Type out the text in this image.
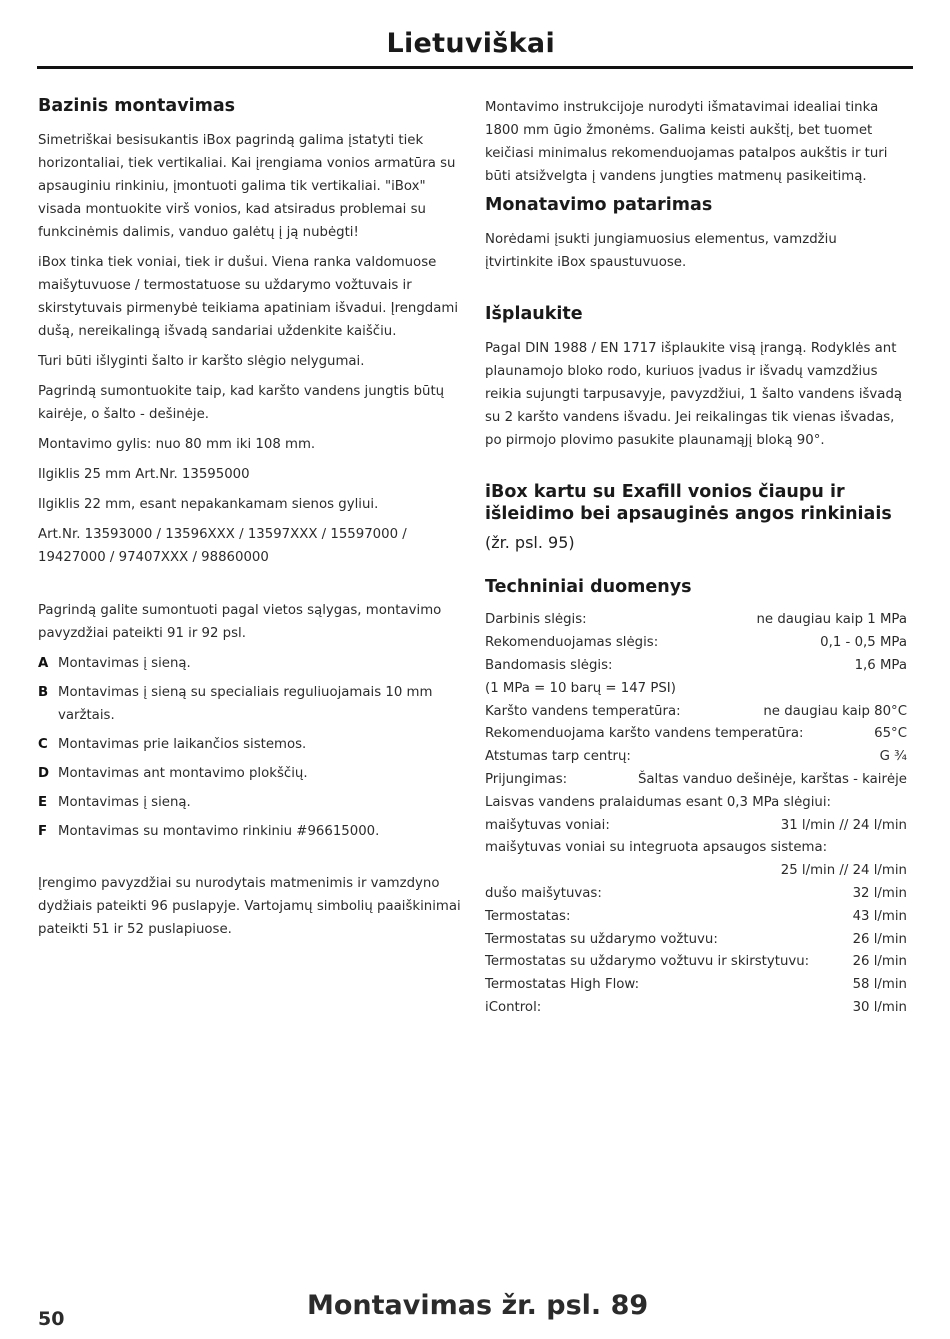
Lietuviškai
Bazinis montavimas

Simetriškai besisukantis iBox pagrindą galima įstatyti tiek horizontaliai, tiek vertikaliai. Kai įrengiama vonios armatūra su apsauginiu rinkiniu, įmontuoti galima tik vertikaliai. "iBox" visada montuokite virš vonios, kad atsiradus problemai su funkcinėmis dalimis, vanduo galėtų į ją nubėgti!

iBox tinka tiek voniai, tiek ir dušui. Viena ranka valdomuose maišytuvuose / termostatuose su uždarymo vožtuvais ir skirstytuvais pirmenybė teikiama apatiniam išvadui. Įrengdami dušą, nereikalingą išvadą sandariai uždenkite kaiščiu.

Turi būti išlyginti šalto ir karšto slėgio nelygumai.

Pagrindą sumontuokite taip, kad karšto vandens jungtis būtų kairėje, o šalto - dešinėje.

Montavimo gylis: nuo 80 mm iki 108 mm.

Ilgiklis 25 mm Art.Nr. 13595000

Ilgiklis 22 mm, esant nepakankamam sienos gyliui.

Art.Nr. 13593000 / 13596XXX / 13597XXX / 15597000 / 19427000 / 97407XXX / 98860000

Pagrindą galite sumontuoti pagal vietos sąlygas, montavimo pavyzdžiai pateikti 91 ir 92 psl.

A Montavimas į sieną.
B Montavimas į sieną su specialiais reguliuojamais 10 mm varžtais.
C Montavimas prie laikančios sistemos.
D Montavimas ant montavimo plokščių.
E Montavimas į sieną.
F Montavimas su montavimo rinkiniu #96615000.

Įrengimo pavyzdžiai su nurodytais matmenimis ir vamzdyno dydžiais pateikti 96 puslapyje. Vartojamų simbolių paaiškinimai pateikti 51 ir 52 puslapiuose.

Montavimo instrukcijoje nurodyti išmatavimai idealiai tinka 1800 mm ūgio žmonėms. Galima keisti aukštį, bet tuomet keičiasi minimalus rekomenduojamas patalpos aukštis ir turi būti atsižvelgta į vandens jungties matmenų pasikeitimą.

Monatavimo patarimas

Norėdami įsukti jungiamuosius elementus, vamzdžiu įtvirtinkite iBox spaustuvuose.

Išplaukite

Pagal DIN 1988 / EN 1717 išplaukite visą įrangą. Rodyklės ant plaunamojo bloko rodo, kuriuos įvadus ir išvadų vamzdžius reikia sujungti tarpusavyje, pavyzdžiui, 1 šalto vandens išvadą su 2 karšto vandens išvadu. Jei reikalingas tik vienas išvadas, po pirmojo plovimo pasukite plaunamąjį bloką 90°.

iBox kartu su Exafill vonios čiaupu ir išleidimo bei apsauginės angos rinkiniais

(žr. psl. 95)

Techniniai duomenys
Darbinis slėgis:	ne daugiau kaip 1 MPa
Rekomenduojamas slėgis:	0,1 - 0,5 MPa
Bandomasis slėgis:	1,6 MPa
(1 MPa = 10 barų = 147 PSI)
Karšto vandens temperatūra:	ne daugiau kaip 80°C
Rekomenduojama karšto vandens temperatūra:	65°C
Atstumas tarp centrų:	G ¾
Prijungimas:	Šaltas vanduo dešinėje, karštas - kairėje
Laisvas vandens pralaidumas esant 0,3 MPa slėgiui:
maišytuvas voniai:	31 l/min // 24 l/min
maišytuvas voniai su integruota apsaugos sistema:
25 l/min // 24 l/min
dušo maišytuvas:	32 l/min
Termostatas:	43 l/min
Termostatas su uždarymo vožtuvu:	26 l/min
Termostatas su uždarymo vožtuvu ir skirstytuvu:	26 l/min
Termostatas High Flow:	58 l/min
iControl:	30 l/min

50	Montavimas žr. psl. 89
